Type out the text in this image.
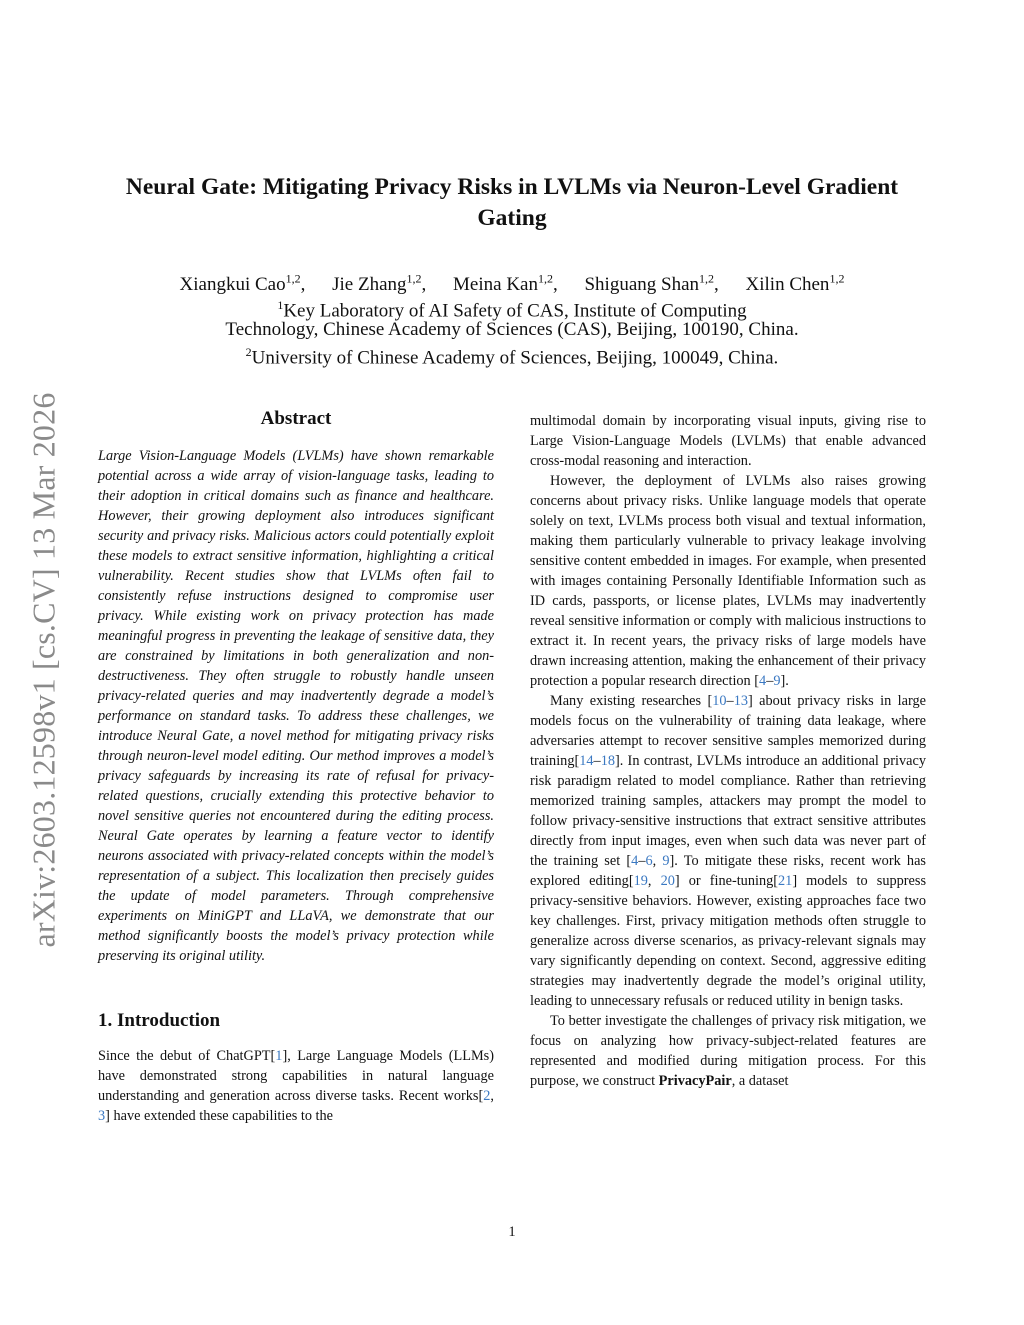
arXiv:2603.12598v1 [cs.CV] 13 Mar 2026
Neural Gate: Mitigating Privacy Risks in LVLMs via Neuron-Level Gradient
Gating
Xiangkui Cao$^{1,2}$, Jie Zhang$^{1,2}$, Meina Kan$^{1,2}$, Shiguang Shan$^{1,2}$, Xilin Chen$^{1,2}$
$^1$Key Laboratory of AI Safety of CAS, Institute of Computing
Technology, Chinese Academy of Sciences (CAS), Beijing, 100190, China.
$^2$University of Chinese Academy of Sciences, Beijing, 100049, China.
Abstract

Large Vision-Language Models (LVLMs) have shown remarkable potential across a wide array of vision-language tasks, leading to their adoption in critical domains such as finance and healthcare. However, their growing deployment also introduces significant security and privacy risks. Malicious actors could potentially exploit these models to extract sensitive information, highlighting a critical vulnerability. Recent studies show that LVLMs often fail to consistently refuse instructions designed to compromise user privacy. While existing work on privacy protection has made meaningful progress in preventing the leakage of sensitive data, they are constrained by limitations in both generalization and non-destructiveness. They often struggle to robustly handle unseen privacy-related queries and may inadvertently degrade a model’s performance on standard tasks. To address these challenges, we introduce Neural Gate, a novel method for mitigating privacy risks through neuron-level model editing. Our method improves a model’s privacy safeguards by increasing its rate of refusal for privacy-related questions, crucially extending this protective behavior to novel sensitive queries not encountered during the editing process. Neural Gate operates by learning a feature vector to identify neurons associated with privacy-related concepts within the model’s representation of a subject. This localization then precisely guides the update of model parameters. Through comprehensive experiments on MiniGPT and LLaVA, we demonstrate that our method significantly boosts the model’s privacy protection while preserving its original utility.

1. Introduction

Since the debut of ChatGPT[1], Large Language Models (LLMs) have demonstrated strong capabilities in natural language understanding and generation across diverse tasks. Recent works[2, 3] have extended these capabilities to the

multimodal domain by incorporating visual inputs, giving rise to Large Vision-Language Models (LVLMs) that enable advanced cross-modal reasoning and interaction.

However, the deployment of LVLMs also raises growing concerns about privacy risks. Unlike language models that operate solely on text, LVLMs process both visual and textual information, making them particularly vulnerable to privacy leakage involving sensitive content embedded in images. For example, when presented with images containing Personally Identifiable Information such as ID cards, passports, or license plates, LVLMs may inadvertently reveal sensitive information or comply with malicious instructions to extract it. In recent years, the privacy risks of large models have drawn increasing attention, making the enhancement of their privacy protection a popular research direction [4–9].

Many existing researches [10–13] about privacy risks in large models focus on the vulnerability of training data leakage, where adversaries attempt to recover sensitive samples memorized during training[14–18]. In contrast, LVLMs introduce an additional privacy risk paradigm related to model compliance. Rather than retrieving memorized training samples, attackers may prompt the model to follow privacy-sensitive instructions that extract sensitive attributes directly from input images, even when such data was never part of the training set [4–6, 9]. To mitigate these risks, recent work has explored editing[19, 20] or fine-tuning[21] models to suppress privacy-sensitive behaviors. However, existing approaches face two key challenges. First, privacy mitigation methods often struggle to generalize across diverse scenarios, as privacy-relevant signals may vary significantly depending on context. Second, aggressive editing strategies may inadvertently degrade the model’s original utility, leading to unnecessary refusals or reduced utility in benign tasks.

To better investigate the challenges of privacy risk mitigation, we focus on analyzing how privacy-subject-related features are represented and modified during mitigation process. For this purpose, we construct PrivacyPair, a dataset

1
